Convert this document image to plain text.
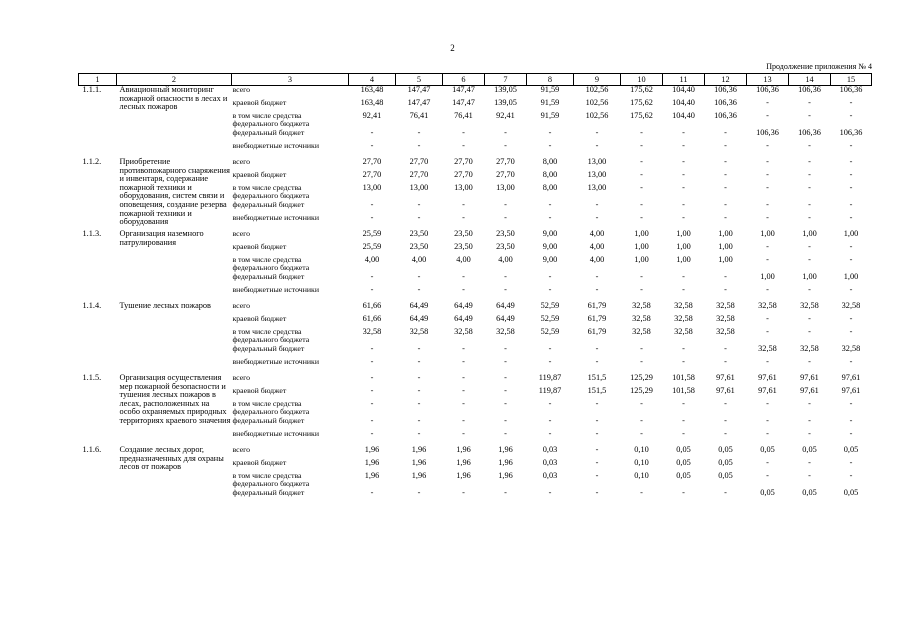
2
Продолжение приложения № 4
1	2	3	4	5	6	7	8	9	10	11	12	13	14	15
1.1.1.	Авиационный мониторинг пожарной опасности в лесах и лесных пожаров	всего	163,48	147,47	147,47	139,05	91,59	102,56	175,62	104,40	106,36	106,36	106,36	106,36
		краевой бюджет	163,48	147,47	147,47	139,05	91,59	102,56	175,62	104,40	106,36	-	-	-
		в том числе средства федерального бюджета	92,41	76,41	76,41	92,41	91,59	102,56	175,62	104,40	106,36	-	-	-
		федеральный бюджет	-	-	-	-	-	-	-	-	-	106,36	106,36	106,36
		внебюджетные источники	-	-	-	-	-	-	-	-	-	-	-	-
1.1.2.	Приобретение противопожарного снаряжения и инвентаря, содержание пожарной техники и оборудования, систем связи и оповещения, создание резерва пожарной техники и оборудования	всего	27,70	27,70	27,70	27,70	8,00	13,00	-	-	-	-	-	-
		краевой бюджет	27,70	27,70	27,70	27,70	8,00	13,00	-	-	-	-	-	-
		в том числе средства федерального бюджета	13,00	13,00	13,00	13,00	8,00	13,00	-	-	-	-	-	-
		федеральный бюджет	-	-	-	-	-	-	-	-	-	-	-	-
		внебюджетные источники	-	-	-	-	-	-	-	-	-	-	-	-
1.1.3.	Организация наземного патрулирования	всего	25,59	23,50	23,50	23,50	9,00	4,00	1,00	1,00	1,00	1,00	1,00	1,00
		краевой бюджет	25,59	23,50	23,50	23,50	9,00	4,00	1,00	1,00	1,00	-	-	-
		в том числе средства федерального бюджета	4,00	4,00	4,00	4,00	9,00	4,00	1,00	1,00	1,00	-	-	-
		федеральный бюджет	-	-	-	-	-	-	-	-	-	1,00	1,00	1,00
		внебюджетные источники	-	-	-	-	-	-	-	-	-	-	-	-
1.1.4.	Тушение лесных пожаров	всего	61,66	64,49	64,49	64,49	52,59	61,79	32,58	32,58	32,58	32,58	32,58	32,58
		краевой бюджет	61,66	64,49	64,49	64,49	52,59	61,79	32,58	32,58	32,58	-	-	-
		в том числе средства федерального бюджета	32,58	32,58	32,58	32,58	52,59	61,79	32,58	32,58	32,58	-	-	-
		федеральный бюджет	-	-	-	-	-	-	-	-	-	32,58	32,58	32,58
		внебюджетные источники	-	-	-	-	-	-	-	-	-	-	-	-
1.1.5.	Организация осуществления мер пожарной безопасности и тушения лесных пожаров в лесах, расположенных на особо охраняемых природных территориях краевого значения	всего	-	-	-	-	119,87	151,5	125,29	101,58	97,61	97,61	97,61	97,61
		краевой бюджет	-	-	-	-	119,87	151,5	125,29	101,58	97,61	97,61	97,61	97,61
		в том числе средства федерального бюджета	-	-	-	-	-	-	-	-	-	-	-	-
		федеральный бюджет	-	-	-	-	-	-	-	-	-	-	-	-
		внебюджетные источники	-	-	-	-	-	-	-	-	-	-	-	-
1.1.6.	Создание лесных дорог, предназначенных для охраны лесов от пожаров	всего	1,96	1,96	1,96	1,96	0,03	-	0,10	0,05	0,05	0,05	0,05	0,05
		краевой бюджет	1,96	1,96	1,96	1,96	0,03	-	0,10	0,05	0,05	-	-	-
		в том числе средства федерального бюджета	1,96	1,96	1,96	1,96	0,03	-	0,10	0,05	0,05	-	-	-
		федеральный бюджет	-	-	-	-	-	-	-	-	-	0,05	0,05	0,05
